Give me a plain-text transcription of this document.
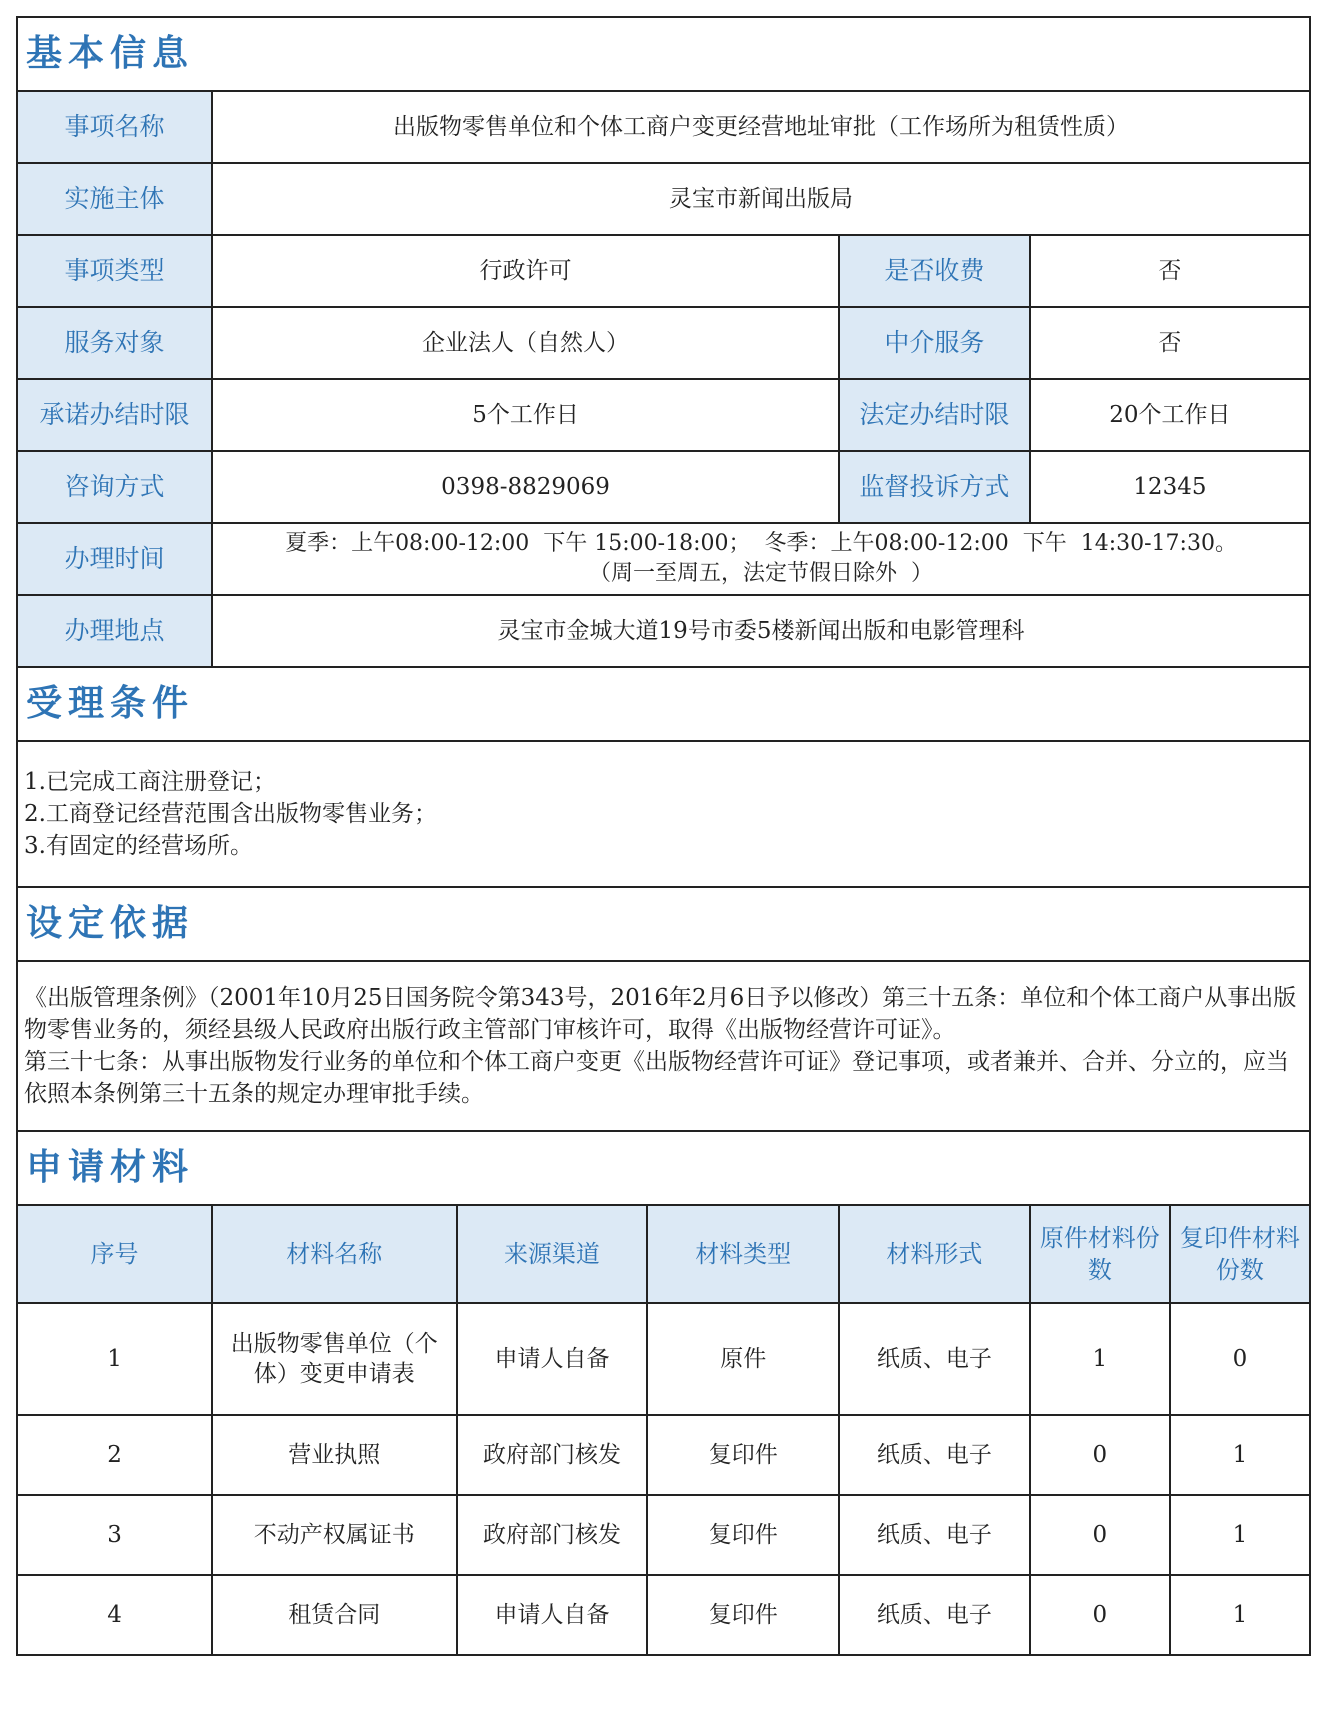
基本信息						
事项名称	出版物零售单位和个体工商户变更经营地址审批（工作场所为租赁性质）					
实施主体	灵宝市新闻出版局					
事项类型	行政许可			是否收费	否	
服务对象	企业法人（自然人）			中介服务	否	
承诺办结时限	5个工作日			法定办结时限	20个工作日	
咨询方式	0398-8829069			监督投诉方式	12345	
办理时间	夏季：上午08:00-12:00  下午 15:00-18:00；  冬季：上午08:00-12:00  下午  14:30-17:30。
（周一至周五，法定节假日除外  ）					

办理地点	灵宝市金城大道19号市委5楼新闻出版和电影管理科					
受理条件						

1.已完成工商注册登记；
2.工商登记经营范围含出版物零售业务；
3.有固定的经营场所。						

设定依据						

《出版管理条例》（2001年10月25日国务院令第343号，2016年2月6日予以修改）第三十五条：单位和个体工商户从事出版物零售业务的，须经县级人民政府出版行政主管部门审核许可，取得《出版物经营许可证》。
第三十七条：从事出版物发行业务的单位和个体工商户变更《出版物经营许可证》登记事项，或者兼并、合并、分立的，应当依照本条例第三十五条的规定办理审批手续。						

申请材料						
序号	材料名称	来源渠道	材料类型	材料形式	原件材料份数	复印件材料份数
1	出版物零售单位（个体）变更申请表	申请人自备	原件	纸质、电子	1	0
2	营业执照	政府部门核发	复印件	纸质、电子	0	1
3	不动产权属证书	政府部门核发	复印件	纸质、电子	0	1
4	租赁合同	申请人自备	复印件	纸质、电子	0	1
